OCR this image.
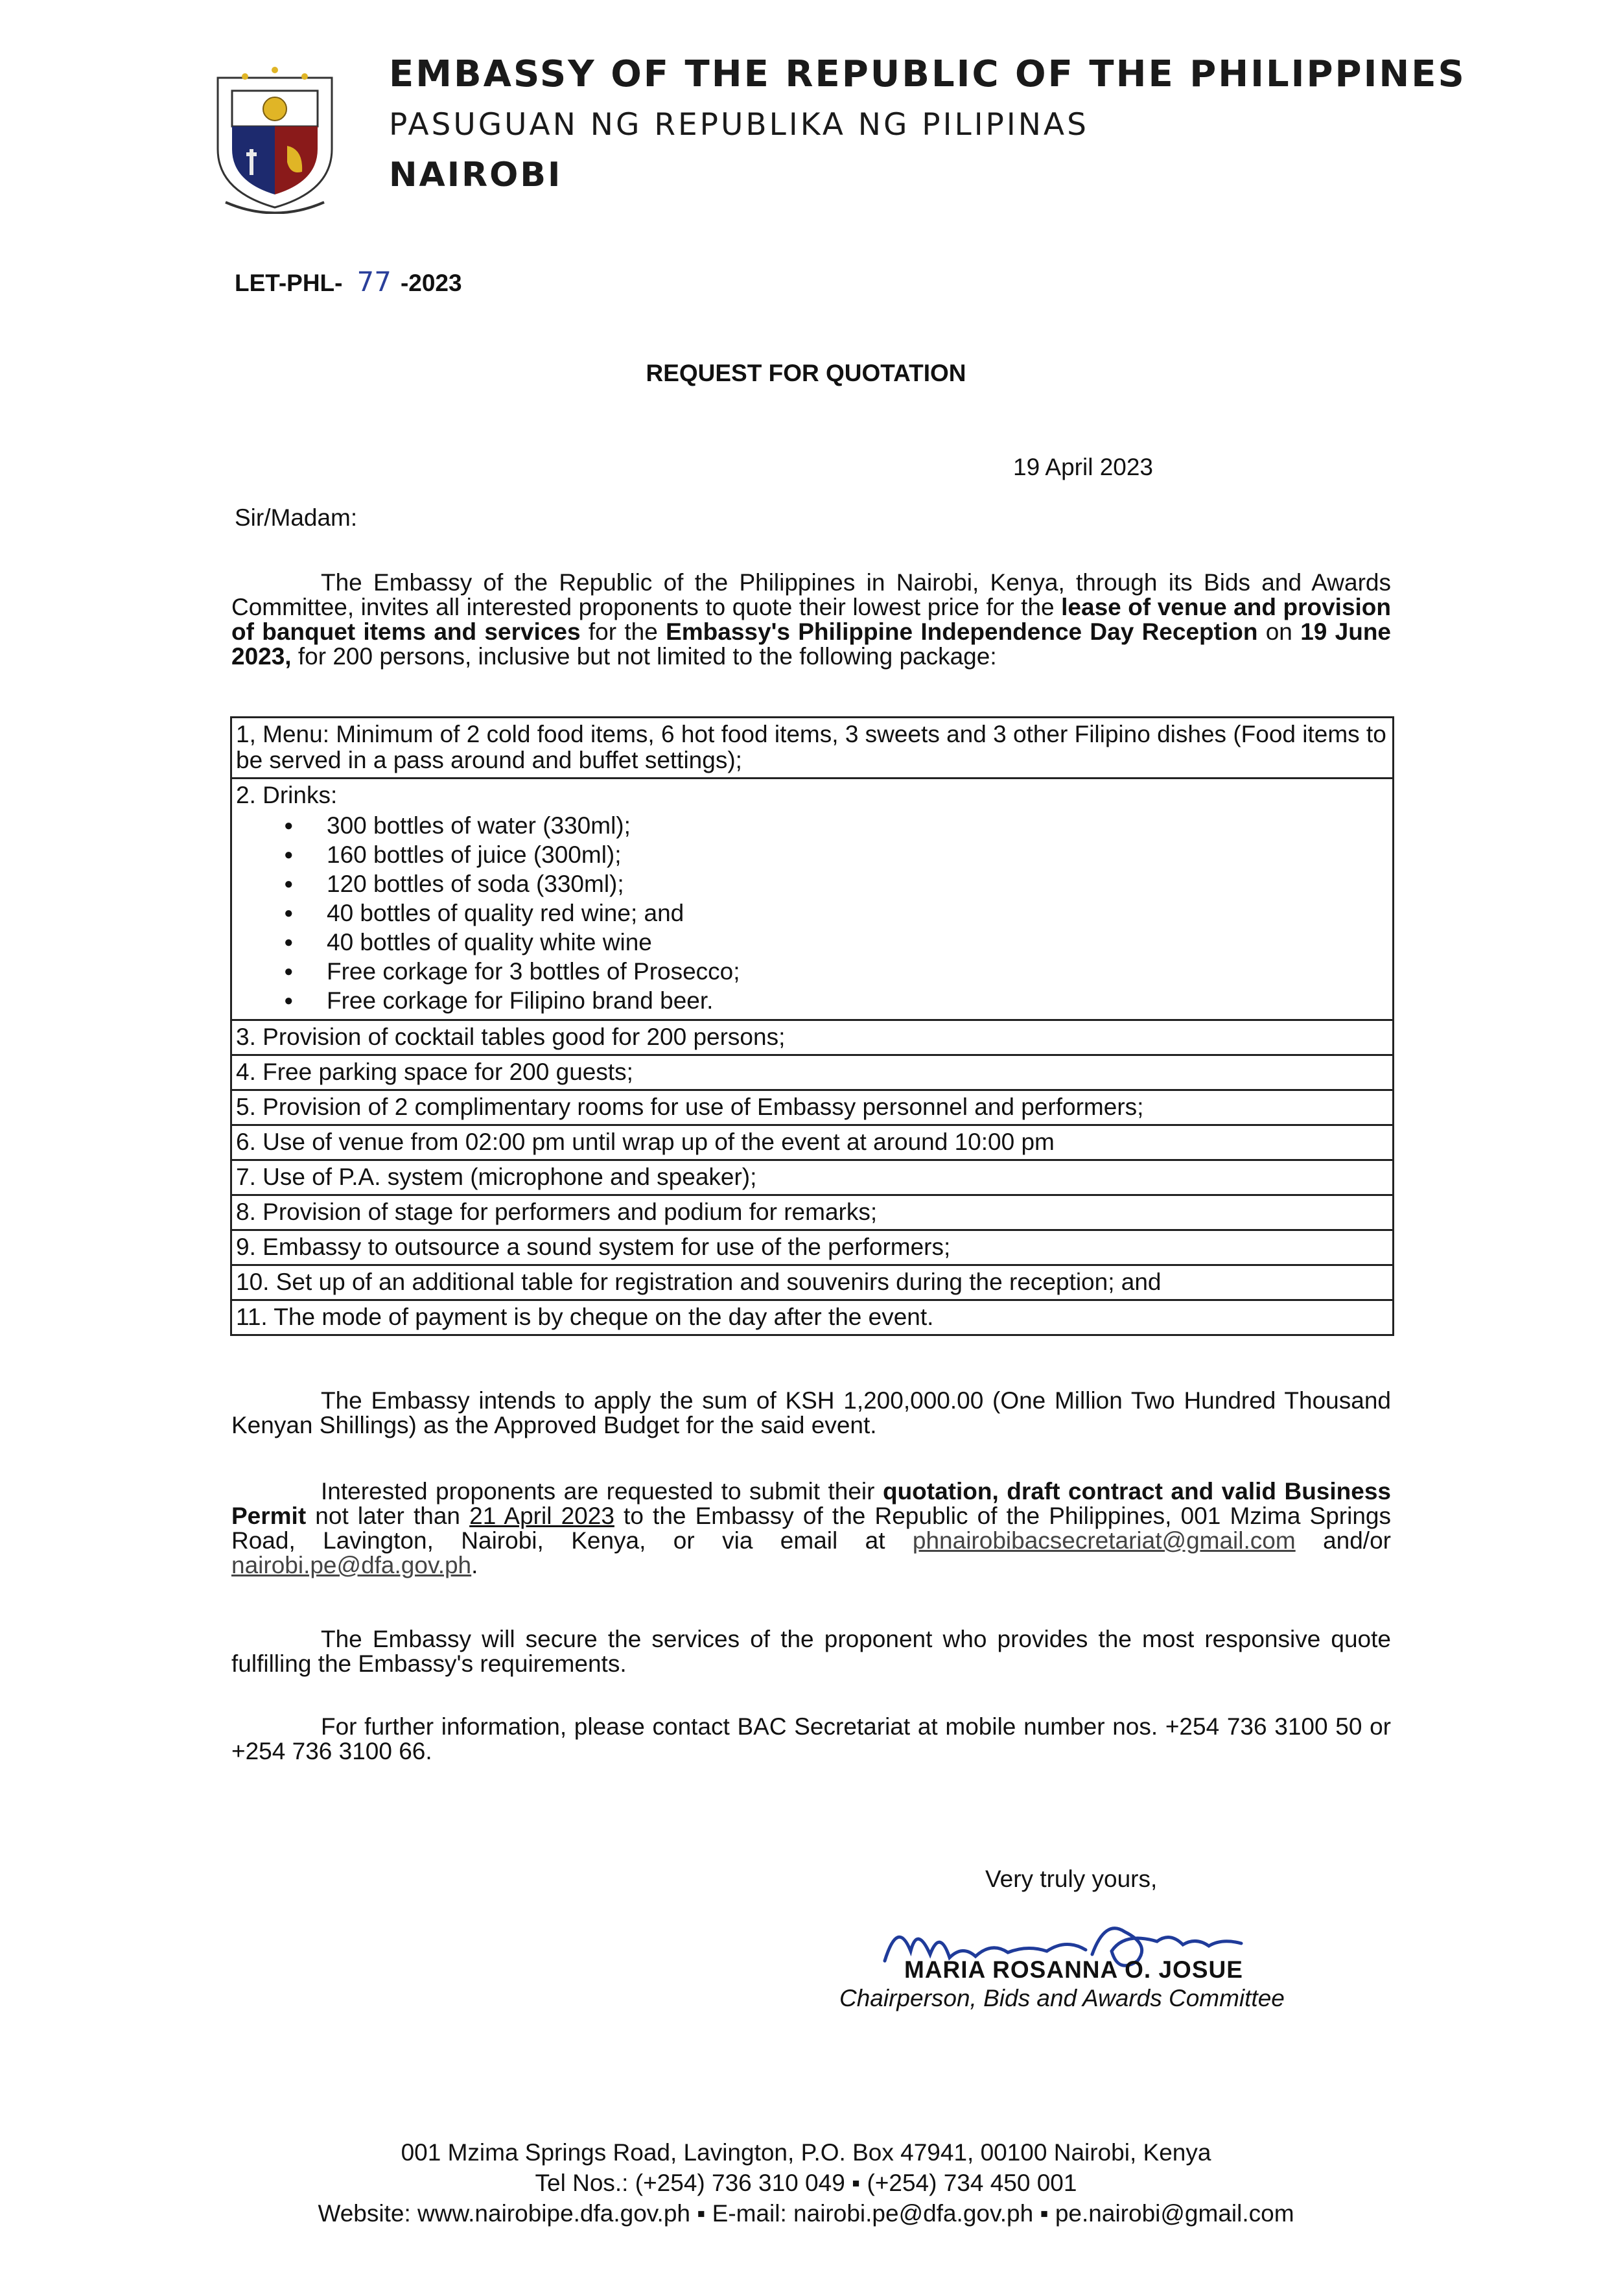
EMBASSY OF THE REPUBLIC OF THE PHILIPPINES
PASUGUAN NG REPUBLIKA NG PILIPINAS
NAIROBI
LET-PHL- 77 -2023
REQUEST FOR QUOTATION
19 April 2023
Sir/Madam:
The Embassy of the Republic of the Philippines in Nairobi, Kenya, through its Bids and Awards Committee, invites all interested proponents to quote their lowest price for the lease of venue and provision of banquet items and services for the Embassy's Philippine Independence Day Reception on 19 June 2023, for 200 persons, inclusive but not limited to the following package:
1, Menu: Minimum of 2 cold food items, 6 hot food items, 3 sweets and 3 other Filipino dishes (Food items to be served in a pass around and buffet settings);

2. Drinks:
● 300 bottles of water (330ml);
● 160 bottles of juice (300ml);
● 120 bottles of soda (330ml);
● 40 bottles of quality red wine; and
● 40 bottles of quality white wine
● Free corkage for 3 bottles of Prosecco;
● Free corkage for Filipino brand beer.

3. Provision of cocktail tables good for 200 persons;
4. Free parking space for 200 guests;
5. Provision of 2 complimentary rooms for use of Embassy personnel and performers;
6. Use of venue from 02:00 pm until wrap up of the event at around 10:00 pm
7. Use of P.A. system (microphone and speaker);
8. Provision of stage for performers and podium for remarks;
9. Embassy to outsource a sound system for use of the performers;
10. Set up of an additional table for registration and souvenirs during the reception; and
11. The mode of payment is by cheque on the day after the event.
The Embassy intends to apply the sum of KSH 1,200,000.00 (One Million Two Hundred Thousand Kenyan Shillings) as the Approved Budget for the said event.
Interested proponents are requested to submit their quotation, draft contract and valid Business Permit not later than 21 April 2023 to the Embassy of the Republic of the Philippines, 001 Mzima Springs Road, Lavington, Nairobi, Kenya, or via email at phnairobibacsecretariat@gmail.com and/or nairobi.pe@dfa.gov.ph.
The Embassy will secure the services of the proponent who provides the most responsive quote fulfilling the Embassy's requirements.
For further information, please contact BAC Secretariat at mobile number nos. +254 736 3100 50 or +254 736 3100 66.
Very truly yours,
MARIA ROSANNA O. JOSUE
Chairperson, Bids and Awards Committee
001 Mzima Springs Road, Lavington, P.O. Box 47941, 00100 Nairobi, Kenya
Tel Nos.: (+254) 736 310 049 ▪ (+254) 734 450 001
Website: www.nairobipe.dfa.gov.ph ▪ E-mail: nairobi.pe@dfa.gov.ph ▪ pe.nairobi@gmail.com
